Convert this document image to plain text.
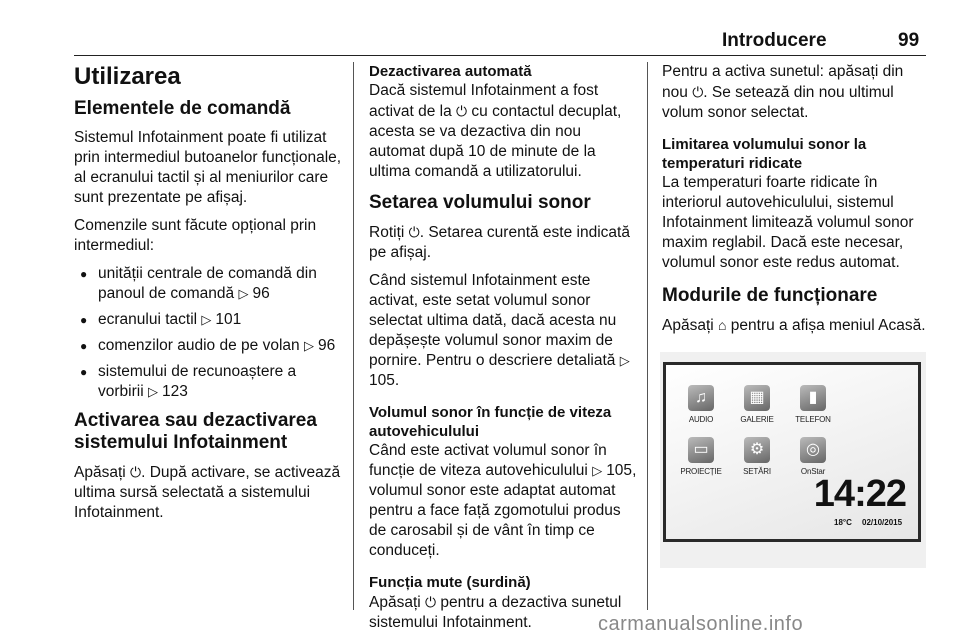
Introducere	99
Utilizarea
Elementele de comandă

Sistemul Infotainment poate fi utilizat prin intermediul butoanelor funcționale, al ecranului tactil și al meniurilor care sunt prezentate pe afișaj.

Comenzile sunt făcute opțional prin intermediul:

● unității centrale de comandă din panoul de comandă ▷ 96
● ecranului tactil ▷ 101
● comenzilor audio de pe volan ▷ 96
● sistemului de recunoaștere a vorbirii ▷ 123
Activarea sau dezactivarea sistemului Infotainment

Apăsați ⏻. După activare, se activează ultima sursă selectată a sistemului Infotainment.

Dezactivarea automată

Dacă sistemul Infotainment a fost activat de la ⏻ cu contactul decuplat, acesta se va dezactiva din nou automat după 10 de minute de la ultima comandă a utilizatorului.

Setarea volumului sonor

Rotiți ⏻. Setarea curentă este indicată pe afișaj.

Când sistemul Infotainment este activat, este setat volumul sonor selectat ultima dată, dacă acesta nu depășește volumul sonor maxim de pornire. Pentru o descriere detaliată ▷105.

Volumul sonor în funcție de viteza autovehiculului

Când este activat volumul sonor în funcție de viteza autovehiculului ▷ 105, volumul sonor este adaptat automat pentru a face față zgomotului produs de carosabil și de vânt în timp ce conduceți.

Funcția mute (surdină)

Apăsați ⏻ pentru a dezactiva sunetul sistemului Infotainment.

Pentru a activa sunetul: apăsați din nou ⏻. Se setează din nou ultimul volum sonor selectat.

Limitarea volumului sonor la temperaturi ridicate

La temperaturi foarte ridicate în interiorul autovehiculului, sistemul Infotainment limitează volumul sonor maxim reglabil. Dacă este necesar, volumul sonor este redus automat.

Modurile de funcționare

Apăsați ⌂ pentru a afișa meniul Acasă.

♫
AUDIO
▦
GALERIE
▮
TELEFON
▭
PROIECȚIE
⚙
SETĂRI
◎
OnStar
14:22
18°C 02/10/2015
carmanualsonline.info
